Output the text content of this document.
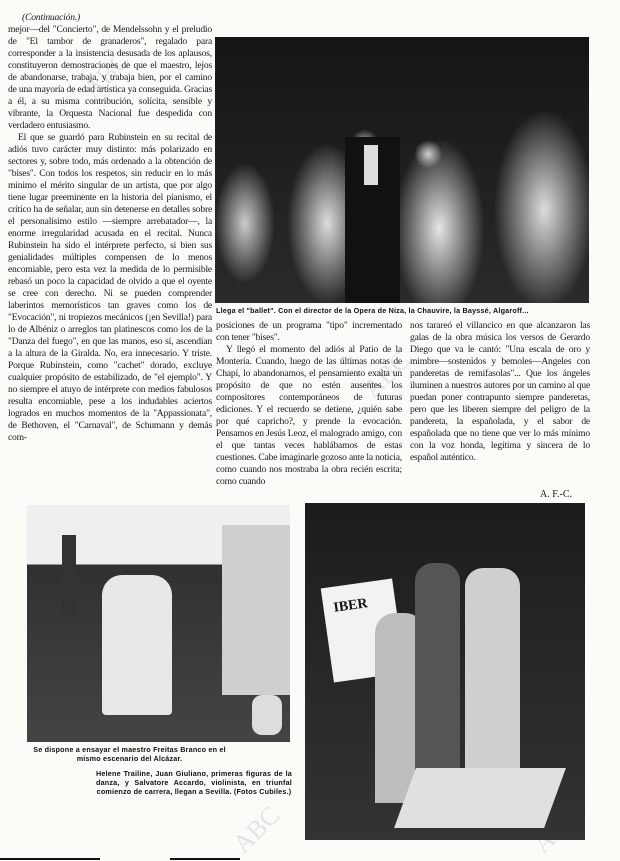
ABC
ABC
ABC
(Continuación.)

mejor—del "Concierto", de Mendelssohn y el preludio de "El tambor de granaderos", regalado para corresponder a la insistencia desusada de los aplausos, constituyeron demostraciones de que el maestro, lejos de abandonarse, trabaja, y trabaja bien, por el camino de una mayoría de edad artística ya conseguida. Gracias a él, a su misma contribución, solícita, sensible y vibrante, la Orquesta Nacional fue despedida con verdadero entusiasmo.

El que se guardó para Rubinstein en su recital de adiós tuvo carácter muy distinto: más polarizado en sectores y, sobre todo, más ordenado a la obtención de "bises". Con todos los respetos, sin reducir en lo más mínimo el mérito singular de un artista, que por algo tiene lugar preeminente en la historia del pianismo, el crítico ha de señalar, aun sin detenerse en detalles sobre el personalísimo estilo —siempre arrebatador—, la enorme irregularidad acusada en el recital. Nunca Rubinstein ha sido el intérprete perfecto, si bien sus genialidades múltiples compensen de lo menos encomiable, pero esta vez la medida de lo permisible rebasó un poco la capacidad de olvido a que el oyente se cree con derecho. Ni se pueden comprender laberintos memorísticos tan graves como los de "Evocación", ni tropiezos mecánicos (¡en Sevilla!) para lo de Albéniz o arreglos tan platinescos como los de la "Danza del fuego", en que las manos, eso sí, ascendían a la altura de la Giralda. No, era innecesario. Y triste. Porque Rubinstein, como "cachet" dorado, excluye cualquier propósito de estabilizado, de "el ejemplo". Y no siempre el atuyo de intérprete con medios fabulosos resulta encomiable, pese a los indudables aciertos logrados en muchos momentos de la "Appassionata", de Bethoven, el "Carnaval", de Schumann y demás com-

Llega el "ballet". Con el director de la Opera de Niza, la Chauvire, la Bayssé, Algaroff...

posiciones de un programa "tipo" incrementado con tener "bises".

Y llegó el momento del adiós al Patio de la Montería. Cuando, luego de las últimas notas de Chapí, lo abandonamos, el pensamiento exalta un propósito de que no estén ausentes los compositores contemporáneos de futuras ediciones. Y el recuerdo se detiene, ¿quién sabe por qué capricho?, y prende la evocación. Pensamos en Jesús Leoz, el malogrado amigo, con el que tantas veces hablábamos de estas cuestiones. Cabe imaginarle gozoso ante la noticia, como cuando nos mostraba la obra recién escrita; como cuando

nos tarareó el villancico en que alcanzaron las galas de la obra música los versos de Gerardo Diego que va le cantó: "Una escala de oro y mimbre—sostenidos y bemoles—Angeles con panderetas de remifasolas"... Que los ángeles iluminen a nuestros autores por un camino al que puedan poner contrapunto siempre panderetas, pero que les liberen siempre del peligro de la pandereta, la españolada, y el sabor de españolada que no tiene que ver lo más mínimo con la voz honda, legítima y sincera de lo español auténtico.

A. F.-C.
Se dispone a ensayar el maestro Freitas Branco en el mismo escenario del Alcázar.
IBER
Helene Trailine, Juan Giuliano, primeras figuras de la danza, y Salvatore Accardo, violinista, en triunfal comienzo de carrera, llegan a Sevilla. (Fotos Cubiles.)
